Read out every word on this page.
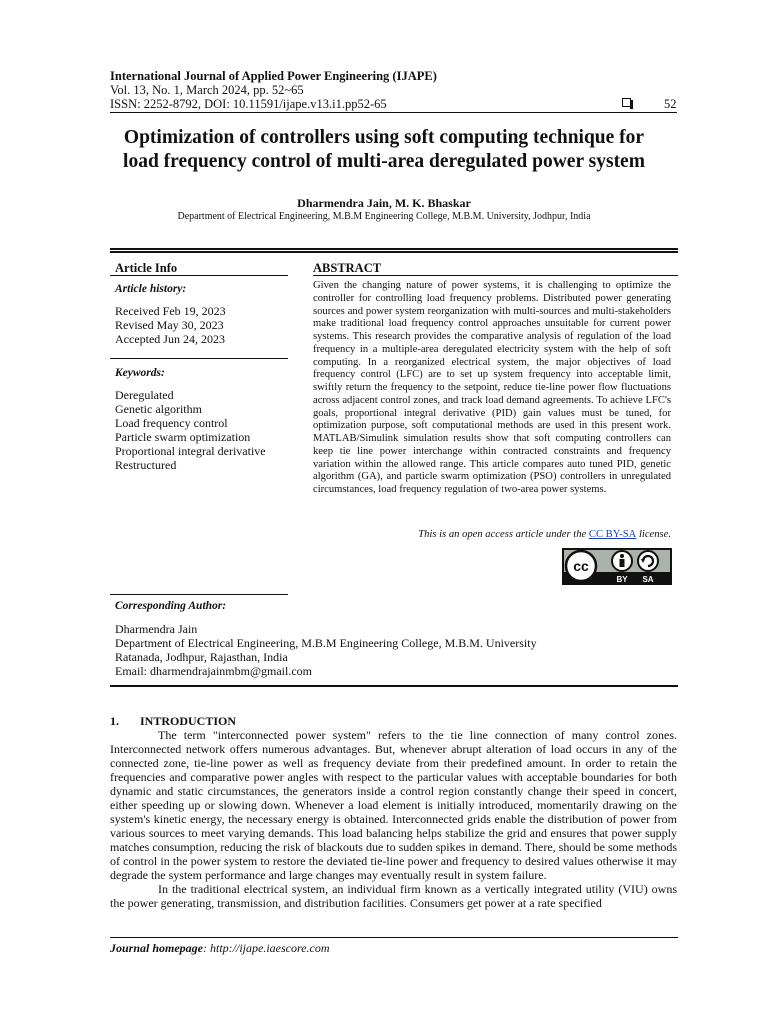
International Journal of Applied Power Engineering (IJAPE)
Vol. 13, No. 1, March 2024, pp. 52~65
ISSN: 2252-8792, DOI: 10.11591/ijape.v13.i1.pp52-65	52
Optimization of controllers using soft computing technique for
load frequency control of multi-area deregulated power system
Dharmendra Jain, M. K. Bhaskar
Department of Electrical Engineering, M.B.M Engineering College, M.B.M. University, Jodhpur, India
Article Info
Article history:
Received Feb 19, 2023
Revised May 30, 2023
Accepted Jun 24, 2023
Keywords:
Deregulated
Genetic algorithm
Load frequency control
Particle swarm optimization
Proportional integral derivative
Restructured
ABSTRACT
Given the changing nature of power systems, it is challenging to optimize the controller for controlling load frequency problems. Distributed power generating sources and power system reorganization with multi-sources and multi-stakeholders make traditional load frequency control approaches unsuitable for current power systems. This research provides the comparative analysis of regulation of the load frequency in a multiple-area deregulated electricity system with the help of soft computing. In a reorganized electrical system, the major objectives of load frequency control (LFC) are to set up system frequency into acceptable limit, swiftly return the frequency to the setpoint, reduce tie-line power flow fluctuations across adjacent control zones, and track load demand agreements. To achieve LFC's goals, proportional integral derivative (PID) gain values must be tuned, for optimization purpose, soft computational methods are used in this present work. MATLAB/Simulink simulation results show that soft computing controllers can keep tie line power interchange within contracted constraints and frequency variation within the allowed range. This article compares auto tuned PID, genetic algorithm (GA), and particle swarm optimization (PSO) controllers in unregulated circumstances, load frequency regulation of two-area power systems.
This is an open access article under the CC BY-SA license.
cc
BY SA
Corresponding Author:
Dharmendra Jain
Department of Electrical Engineering, M.B.M Engineering College, M.B.M. University
Ratanada, Jodhpur, Rajasthan, India
Email: dharmendrajainmbm@gmail.com
1.       INTRODUCTION

The term "interconnected power system" refers to the tie line connection of many control zones. Interconnected network offers numerous advantages. But, whenever abrupt alteration of load occurs in any of the connected zone, tie-line power as well as frequency deviate from their predefined amount. In order to retain the frequencies and comparative power angles with respect to the particular values with acceptable boundaries for both dynamic and static circumstances, the generators inside a control region constantly change their speed in concert, either speeding up or slowing down. Whenever a load element is initially introduced, momentarily drawing on the system's kinetic energy, the necessary energy is obtained. Interconnected grids enable the distribution of power from various sources to meet varying demands. This load balancing helps stabilize the grid and ensures that power supply matches consumption, reducing the risk of blackouts due to sudden spikes in demand. There, should be some methods of control in the power system to restore the deviated tie-line power and frequency to desired values otherwise it may degrade the system performance and large changes may eventually result in system failure.

In the traditional electrical system, an individual firm known as a vertically integrated utility (VIU) owns the power generating, transmission, and distribution facilities. Consumers get power at a rate specified

Journal homepage: http://ijape.iaescore.com
